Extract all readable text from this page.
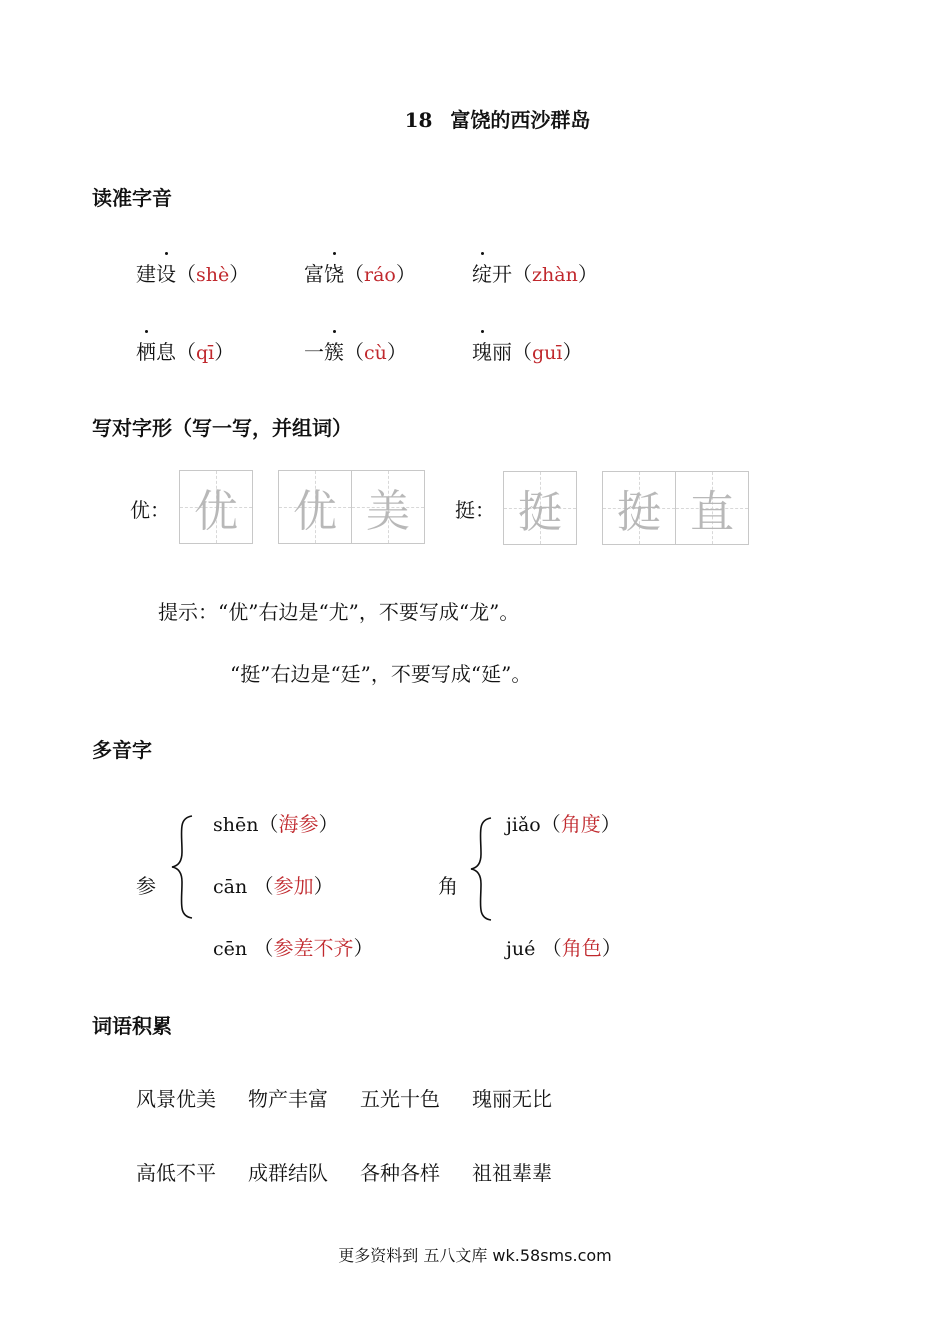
18 富饶的西沙群岛
读准字音
建设（shè）	富饶（ráo）	绽开（zhàn）
栖息（qī）	一簇（cù）	瑰丽（guī）
写对字形（写一写，并组词）
优： 优 优 美 挺： 挺 挺 直
提示：“优”右边是“尤”，不要写成“龙”。
“挺”右边是“廷”，不要写成“延”。
多音字
参
shēn（海参）
cān （参加）
cēn （参差不齐）
角
jiǎo（角度）
jué （角色）
词语积累
风景优美 物产丰富 五光十色 瑰丽无比
高低不平 成群结队 各种各样 祖祖辈辈
更多资料到 五八文库 wk.58sms.com
